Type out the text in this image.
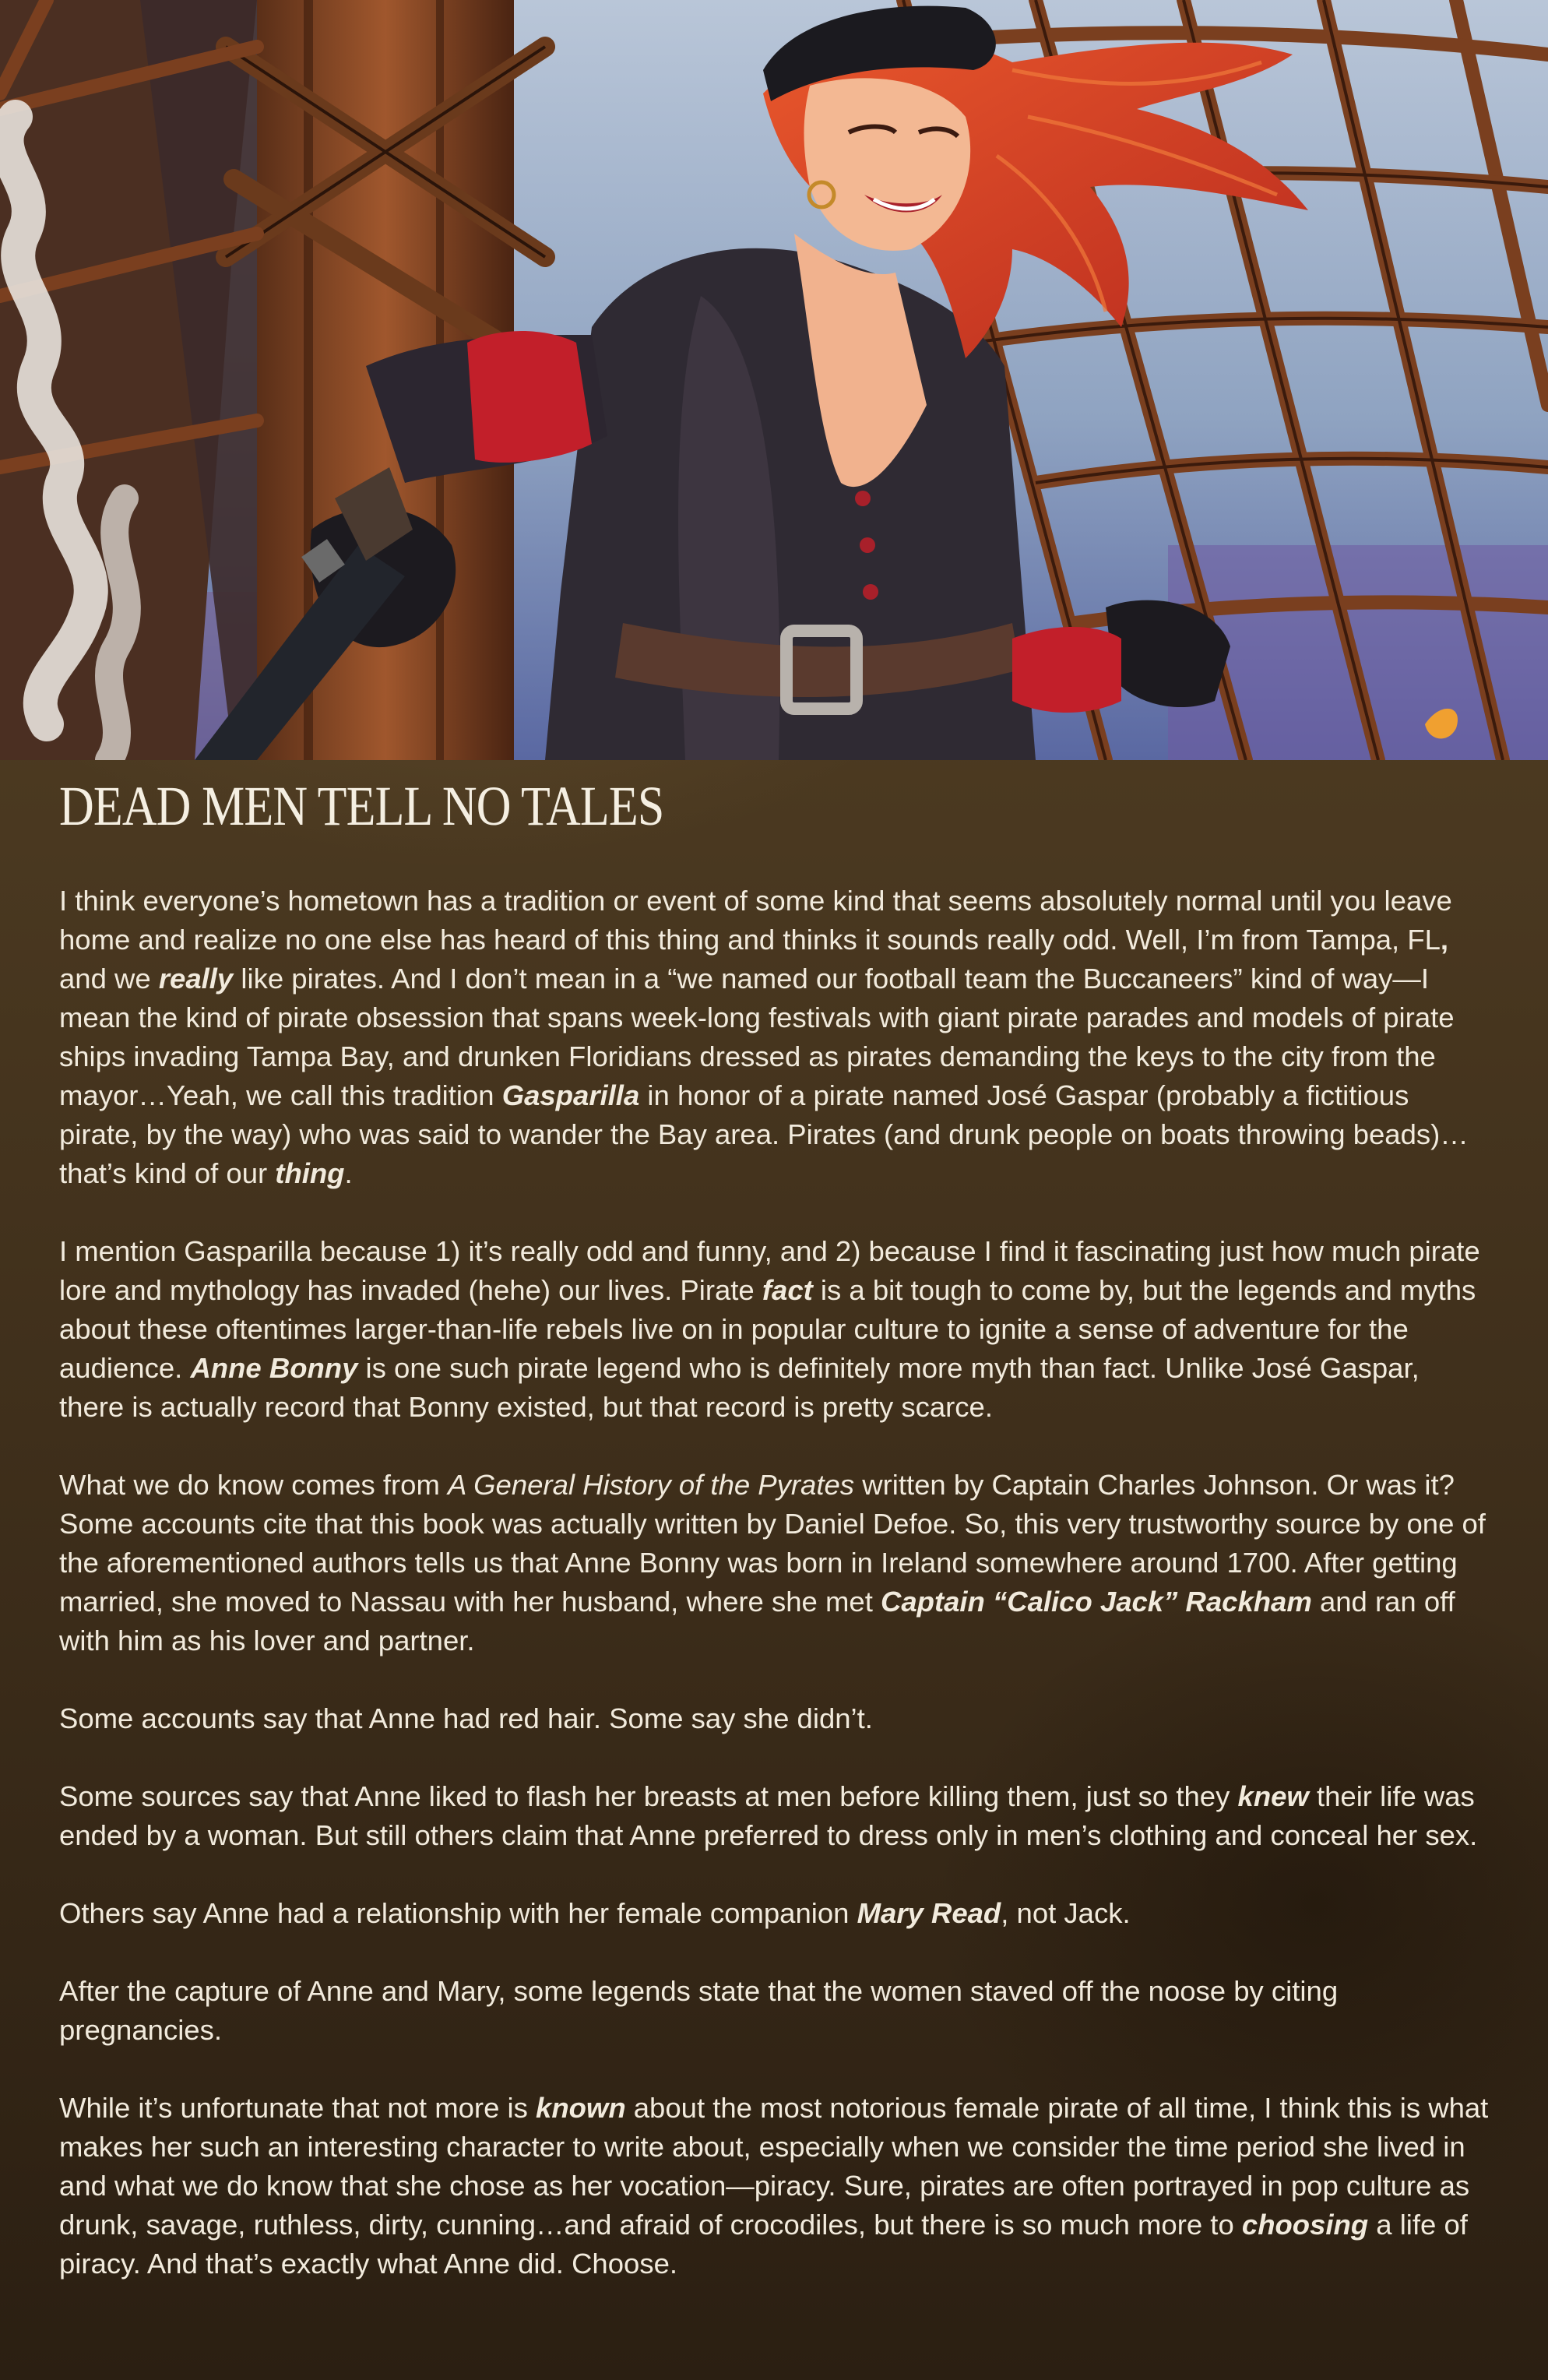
DEAD MEN TELL NO TALES

I think everyone’s hometown has a tradition or event of some kind that seems absolutely normal until you leave home and realize no one else has heard of this thing and thinks it sounds really odd. Well, I’m from Tampa, FL, and we really like pirates. And I don’t mean in a “we named our football team the Buccaneers” kind of way—I mean the kind of pirate obsession that spans week-long festivals with giant pirate parades and models of pirate ships invading Tampa Bay, and drunken Floridians dressed as pirates demanding the keys to the city from the mayor…Yeah, we call this tradition Gasparilla in honor of a pirate named José Gaspar (probably a fictitious pirate, by the way) who was said to wander the Bay area. Pirates (and drunk people on boats throwing beads)…that’s kind of our thing.

I mention Gasparilla because 1) it’s really odd and funny, and 2) because I find it fascinating just how much pirate lore and mythology has invaded (hehe) our lives. Pirate fact is a bit tough to come by, but the legends and myths about these oftentimes larger-than-life rebels live on in popular culture to ignite a sense of adventure for the audience. Anne Bonny is one such pirate legend who is definitely more myth than fact. Unlike José Gaspar, there is actually record that Bonny existed, but that record is pretty scarce.

What we do know comes from A General History of the Pyrates written by Captain Charles Johnson. Or was it? Some accounts cite that this book was actually written by Daniel Defoe. So, this very trustworthy source by one of the aforementioned authors tells us that Anne Bonny was born in Ireland somewhere around 1700. After getting married, she moved to Nassau with her husband, where she met Captain “Calico Jack” Rackham and ran off with him as his lover and partner.

Some accounts say that Anne had red hair. Some say she didn’t.

Some sources say that Anne liked to flash her breasts at men before killing them, just so they knew their life was ended by a woman. But still others claim that Anne preferred to dress only in men’s clothing and conceal her sex.

Others say Anne had a relationship with her female companion Mary Read, not Jack.

After the capture of Anne and Mary, some legends state that the women staved off the noose by citing pregnancies.

While it’s unfortunate that not more is known about the most notorious female pirate of all time, I think this is what makes her such an interesting character to write about, especially when we consider the time period she lived in and what we do know that she chose as her vocation—piracy. Sure, pirates are often portrayed in pop culture as drunk, savage, ruthless, dirty, cunning…and afraid of crocodiles, but there is so much more to choosing a life of piracy. And that’s exactly what Anne did. Choose.
